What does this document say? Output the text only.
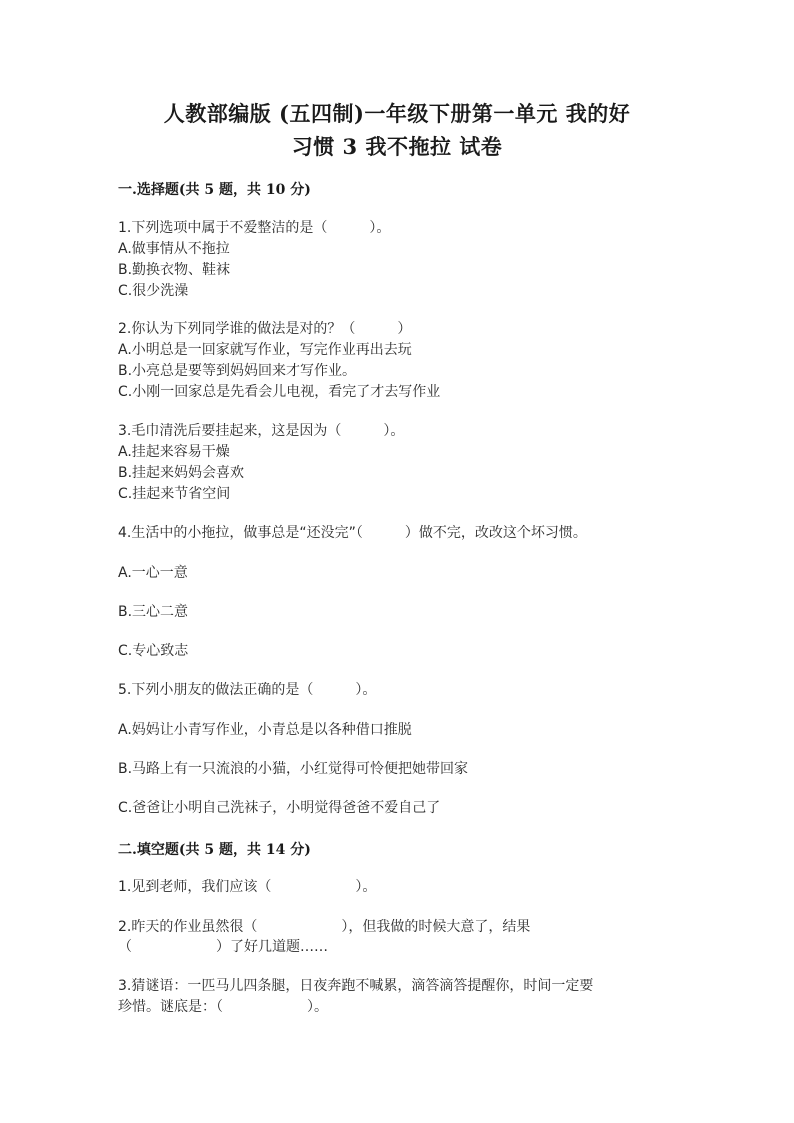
人教部编版 (五四制)一年级下册第一单元 我的好
习惯 3 我不拖拉 试卷
一.选择题(共 5 题，共 10 分)
1.下列选项中属于不爱整洁的是（　　　）。
A.做事情从不拖拉
B.勤换衣物、鞋袜
C.很少洗澡
2.你认为下列同学谁的做法是对的？（　　　）
A.小明总是一回家就写作业，写完作业再出去玩
B.小亮总是要等到妈妈回来才写作业。
C.小刚一回家总是先看会儿电视，看完了才去写作业
3.毛巾清洗后要挂起来，这是因为（　　　）。
A.挂起来容易干燥
B.挂起来妈妈会喜欢
C.挂起来节省空间
4.生活中的小拖拉，做事总是“还没完”（　　　）做不完，改改这个坏习惯。
A.一心一意
B.三心二意
C.专心致志
5.下列小朋友的做法正确的是（　　　）。
A.妈妈让小青写作业，小青总是以各种借口推脱
B.马路上有一只流浪的小猫，小红觉得可怜便把她带回家
C.爸爸让小明自己洗袜子，小明觉得爸爸不爱自己了
二.填空题(共 5 题，共 14 分)
1.见到老师，我们应该（　　　　　　）。
2.昨天的作业虽然很（　　　　　　），但我做的时候大意了，结果
（　　　　　　）了好几道题……
3.猜谜语：一匹马儿四条腿，日夜奔跑不喊累，滴答滴答提醒你，时间一定要
珍惜。谜底是：（　　　　　　）。
